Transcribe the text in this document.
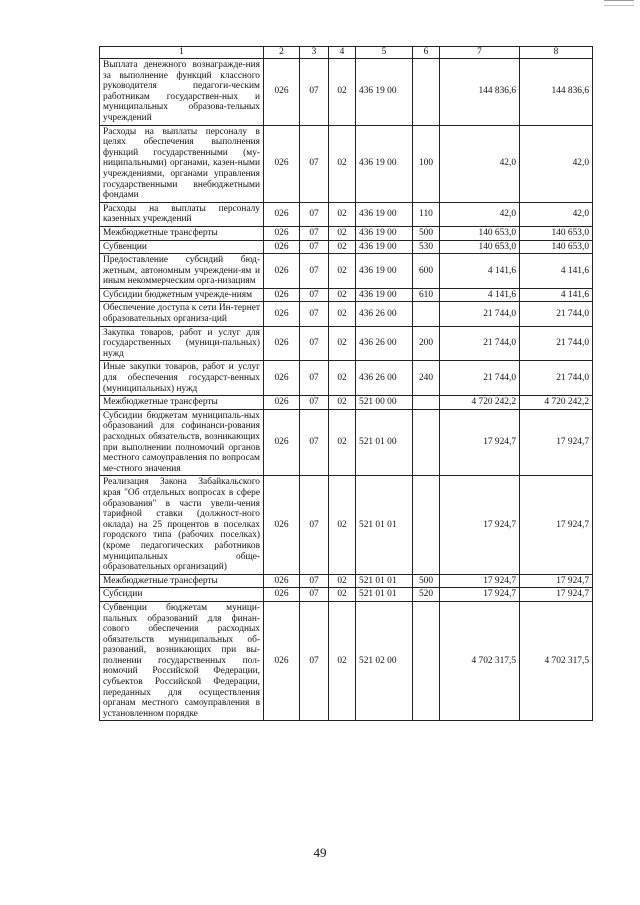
1	2	3	4	5	6	7	8
Выплата денежного вознагражде-ния за выполнение функций классного руководителя педагоги-ческим работникам государствен-ных и муниципальных образова-тельных учреждений	026	07	02	436 19 00		144 836,6	144 836,6
Расходы на выплаты персоналу в целях обеспечения выполнения функций государственными (му-ниципальными) органами, казен-ными учреждениями, органами управления государственными внебюджетными фондами	026	07	02	436 19 00	100	42,0	42,0
Расходы на выплаты персоналу казенных учреждений	026	07	02	436 19 00	110	42,0	42,0
Межбюджетные трансферты	026	07	02	436 19 00	500	140 653,0	140 653,0
Субвенции	026	07	02	436 19 00	530	140 653,0	140 653,0
Предоставление субсидий бюд-жетным, автономным учреждени-ям и иным некоммерческим орга-низациям	026	07	02	436 19 00	600	4 141,6	4 141,6
Субсидии бюджетным учрежде-ниям	026	07	02	436 19 00	610	4 141,6	4 141,6
Обеспечение доступа к сети Ин-тернет образовательных организа-ций	026	07	02	436 26 00		21 744,0	21 744,0
Закупка товаров, работ и услуг для государственных (муници-пальных) нужд	026	07	02	436 26 00	200	21 744,0	21 744,0
Иные закупки товаров, работ и услуг для обеспечения государст-венных (муниципальных) нужд	026	07	02	436 26 00	240	21 744,0	21 744,0
Межбюджетные трансферты	026	07	02	521 00 00		4 720 242,2	4 720 242,2
Субсидии бюджетам муниципаль-ных образований для софинанси-рования расходных обязательств, возникающих при выполнении полномочий органов местного самоуправления по вопросам ме-стного значения	026	07	02	521 01 00		17 924,7	17 924,7
Реализация Закона Забайкальского края "Об отдельных вопросах в сфере образования" в части увели-чения тарифной ставки (должност-ного оклада) на 25 процентов в поселках городского типа (рабочих поселках) (кроме педагогических работников муниципальных обще-образовательных организаций)	026	07	02	521 01 01		17 924,7	17 924,7
Межбюджетные трансферты	026	07	02	521 01 01	500	17 924,7	17 924,7
Субсидии	026	07	02	521 01 01	520	17 924,7	17 924,7
Субвенции бюджетам муници-пальных образований для финан-сового обеспечения расходных обязательств муниципальных об-разований, возникающих при вы-полнении государственных пол-номочий Российской Федерации, субъектов Российской Федерации, переданных для осуществления органам местного самоуправления в установленном порядке	026	07	02	521 02 00		4 702 317,5	4 702 317,5
49
